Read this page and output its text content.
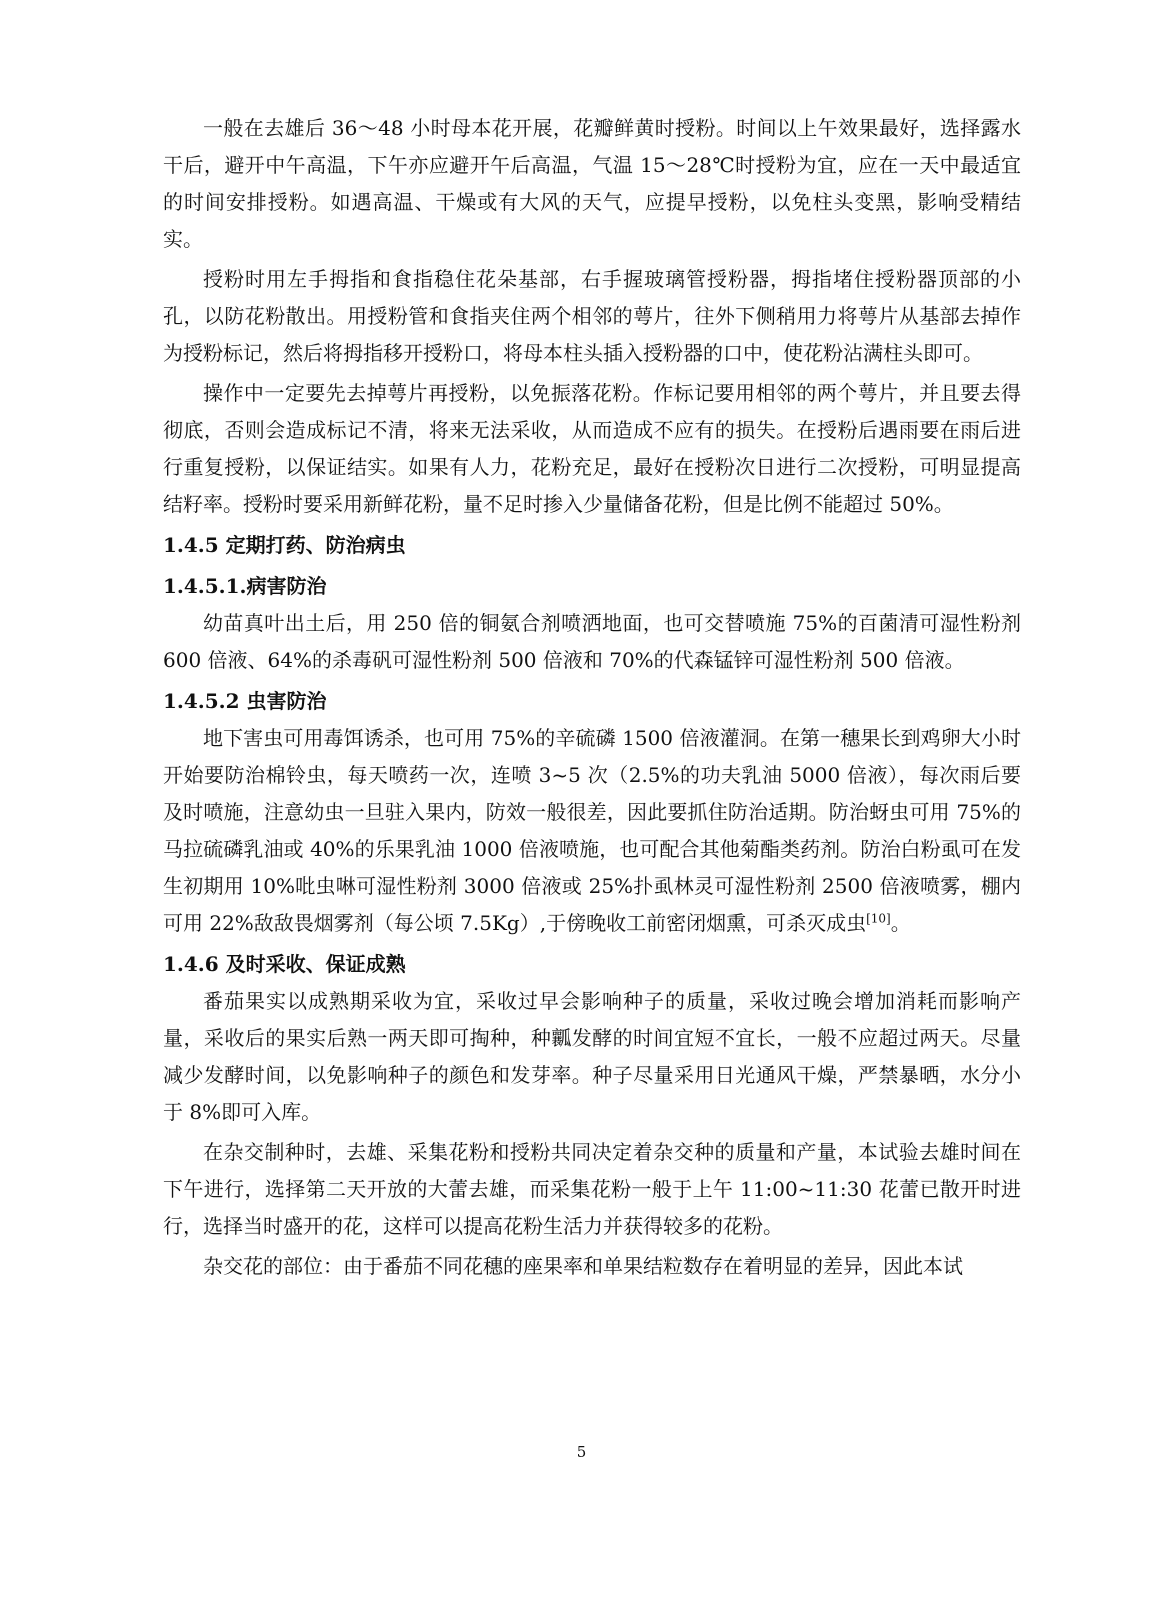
一般在去雄后 36～48 小时母本花开展，花瓣鲜黄时授粉。时间以上午效果最好，选择露水干后，避开中午高温，下午亦应避开午后高温，气温 15～28℃时授粉为宜，应在一天中最适宜的时间安排授粉。如遇高温、干燥或有大风的天气，应提早授粉，以免柱头变黑，影响受精结实。

授粉时用左手拇指和食指稳住花朵基部，右手握玻璃管授粉器，拇指堵住授粉器顶部的小孔，以防花粉散出。用授粉管和食指夹住两个相邻的萼片，往外下侧稍用力将萼片从基部去掉作为授粉标记，然后将拇指移开授粉口，将母本柱头插入授粉器的口中，使花粉沾满柱头即可。

操作中一定要先去掉萼片再授粉，以免振落花粉。作标记要用相邻的两个萼片，并且要去得彻底，否则会造成标记不清，将来无法采收，从而造成不应有的损失。在授粉后遇雨要在雨后进行重复授粉，以保证结实。如果有人力，花粉充足，最好在授粉次日进行二次授粉，可明显提高结籽率。授粉时要采用新鲜花粉，量不足时掺入少量储备花粉，但是比例不能超过 50%。

1.4.5 定期打药、防治病虫
1.4.5.1.病害防治

幼苗真叶出土后，用 250 倍的铜氨合剂喷洒地面，也可交替喷施 75%的百菌清可湿性粉剂 600 倍液、64%的杀毒矾可湿性粉剂 500 倍液和 70%的代森锰锌可湿性粉剂 500 倍液。

1.4.5.2 虫害防治

地下害虫可用毒饵诱杀，也可用 75%的辛硫磷 1500 倍液灌洞。在第一穗果长到鸡卵大小时开始要防治棉铃虫，每天喷药一次，连喷 3~5 次（2.5%的功夫乳油 5000 倍液），每次雨后要及时喷施，注意幼虫一旦驻入果内，防效一般很差，因此要抓住防治适期。防治蚜虫可用 75%的马拉硫磷乳油或 40%的乐果乳油 1000 倍液喷施，也可配合其他菊酯类药剂。防治白粉虱可在发生初期用 10%吡虫啉可湿性粉剂 3000 倍液或 25%扑虱林灵可湿性粉剂 2500 倍液喷雾，棚内可用 22%敌敌畏烟雾剂（每公顷 7.5Kg）,于傍晚收工前密闭烟熏，可杀灭成虫[10]。

1.4.6 及时采收、保证成熟

番茄果实以成熟期采收为宜，采收过早会影响种子的质量，采收过晚会增加消耗而影响产量，采收后的果实后熟一两天即可掏种，种瓤发酵的时间宜短不宜长，一般不应超过两天。尽量减少发酵时间，以免影响种子的颜色和发芽率。种子尽量采用日光通风干燥，严禁暴晒，水分小于 8%即可入库。

在杂交制种时，去雄、采集花粉和授粉共同决定着杂交种的质量和产量，本试验去雄时间在下午进行，选择第二天开放的大蕾去雄，而采集花粉一般于上午 11:00~11:30 花蕾已散开时进行，选择当时盛开的花，这样可以提高花粉生活力并获得较多的花粉。

杂交花的部位：由于番茄不同花穗的座果率和单果结粒数存在着明显的差异，因此本试

5
